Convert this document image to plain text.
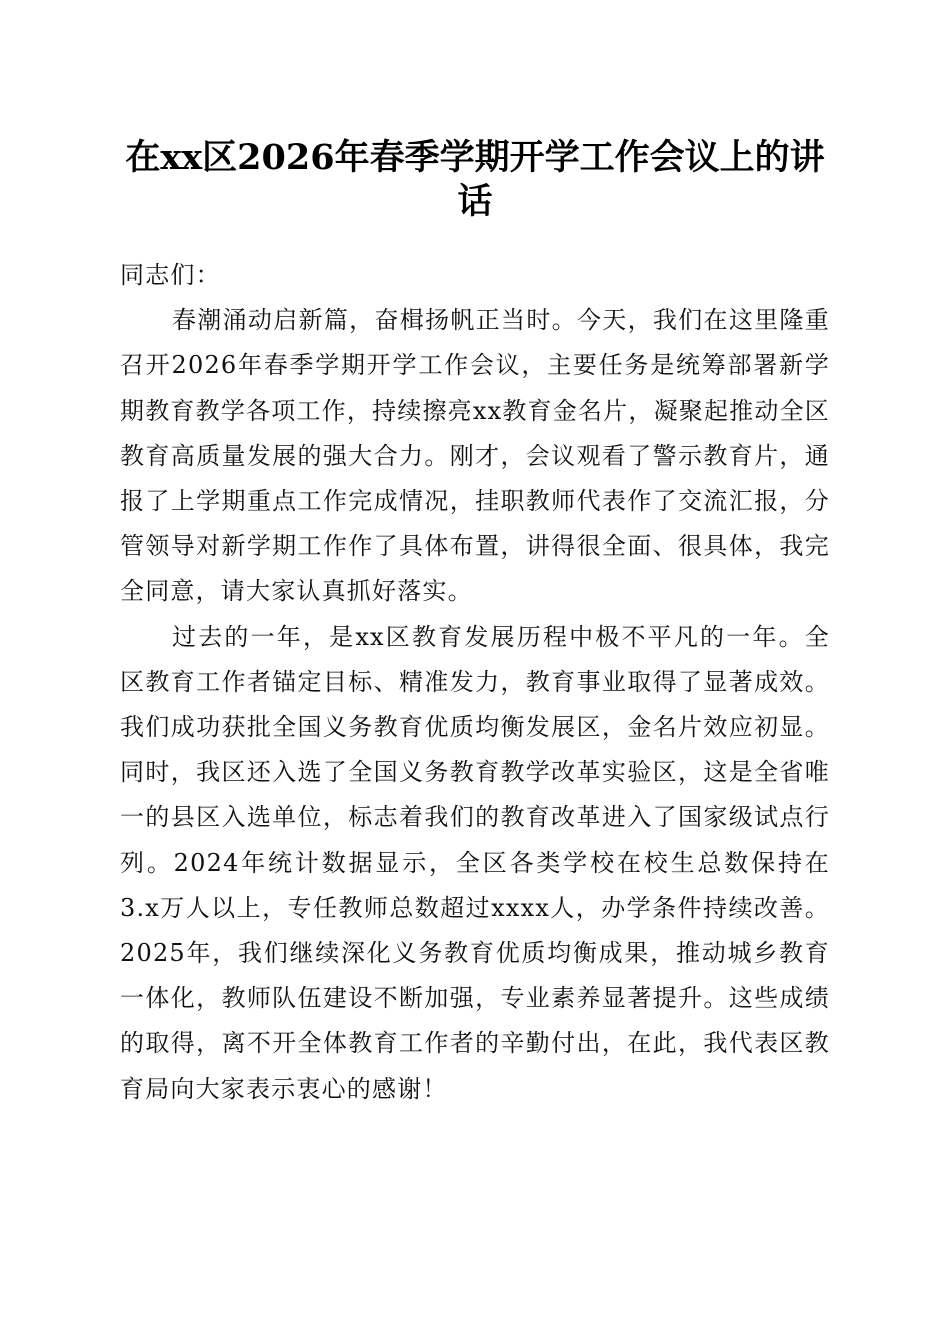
在xx区2026年春季学期开学工作会议上的讲话

同志们：

春潮涌动启新篇，奋楫扬帆正当时。今天，我们在这里隆重召开2026年春季学期开学工作会议，主要任务是统筹部署新学期教育教学各项工作，持续擦亮xx教育金名片，凝聚起推动全区教育高质量发展的强大合力。刚才，会议观看了警示教育片，通报了上学期重点工作完成情况，挂职教师代表作了交流汇报，分管领导对新学期工作作了具体布置，讲得很全面、很具体，我完全同意，请大家认真抓好落实。

过去的一年，是xx区教育发展历程中极不平凡的一年。全区教育工作者锚定目标、精准发力，教育事业取得了显著成效。我们成功获批全国义务教育优质均衡发展区，金名片效应初显。同时，我区还入选了全国义务教育教学改革实验区，这是全省唯一的县区入选单位，标志着我们的教育改革进入了国家级试点行列。2024年统计数据显示，全区各类学校在校生总数保持在3.x万人以上，专任教师总数超过xxxx人，办学条件持续改善。2025年，我们继续深化义务教育优质均衡成果，推动城乡教育一体化，教师队伍建设不断加强，专业素养显著提升。这些成绩的取得，离不开全体教育工作者的辛勤付出，在此，我代表区教育局向大家表示衷心的感谢！
